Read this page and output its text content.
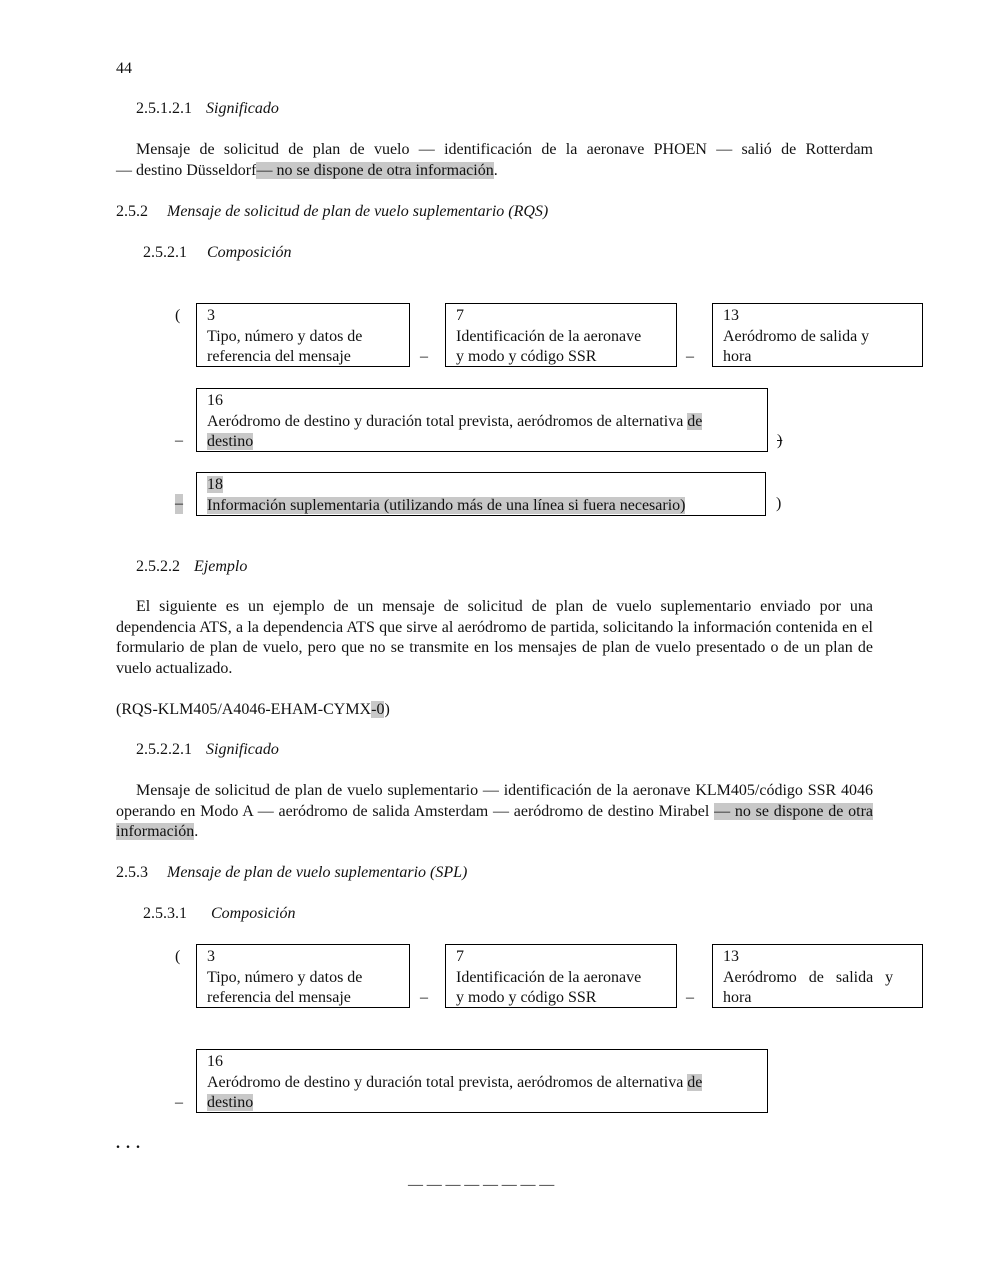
44
2.5.1.2.1 Significado
Mensaje de solicitud de plan de vuelo — identificación de la aeronave PHOEN — salió de Rotterdam
— destino Düsseldorf— no se dispone de otra información.
2.5.2 Mensaje de solicitud de plan de vuelo suplementario (RQS)
2.5.2.1 Composición
( 3
Tipo, número y datos de
referencia del mensaje	–
7
Identificación de la aeronave
y modo y código SSR	–
13
Aeródromo de salida y
hora
–
16
Aeródromo de destino y duración total prevista, aeródromos de alternativa de
destino	)
–
18
Información suplementaria (utilizando más de una línea si fuera necesario)	)
2.5.2.2 Ejemplo
El siguiente es un ejemplo de un mensaje de solicitud de plan de vuelo suplementario enviado por una dependencia ATS, a la dependencia ATS que sirve al aeródromo de partida, solicitando la información contenida en el formulario de plan de vuelo, pero que no se transmite en los mensajes de plan de vuelo presentado o de un plan de vuelo actualizado.
(RQS-KLM405/A4046-EHAM-CYMX-0)
2.5.2.2.1 Significado
Mensaje de solicitud de plan de vuelo suplementario — identificación de la aeronave KLM405/código SSR 4046 operando en Modo A — aeródromo de salida Amsterdam — aeródromo de destino Mirabel — no se dispone de otra información.
2.5.3 Mensaje de plan de vuelo suplementario (SPL)
2.5.3.1 Composición
( 3
Tipo, número y datos de
referencia del mensaje	–
7
Identificación de la aeronave
y modo y código SSR	–
13
Aeródromo   de   salida   y
hora
–
16
Aeródromo de destino y duración total prevista, aeródromos de alternativa de
destino
. . .
— — — — — — — —
